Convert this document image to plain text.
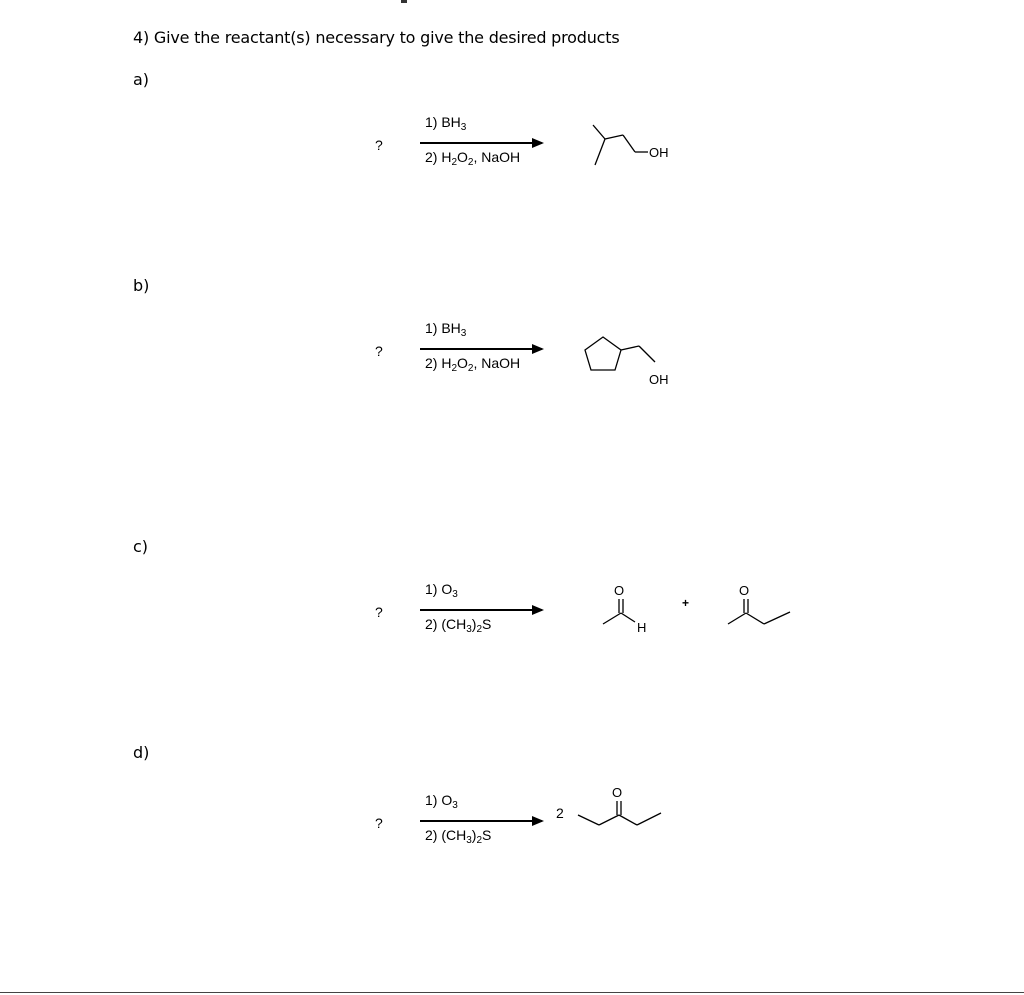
4) Give the reactant(s) necessary to give the desired products
a)
?
1) $BH_3$
2) $H_2O_2$, NaOH	OH
b)
?
1) $BH_3$
2) $H_2O_2$, NaOH
OH
c)
?
1) $O_3$
2) $(CH_3)_2S$
O
H
+
O
d)
?
1) $O_3$
2) $(CH_3)_2S$
2
O
